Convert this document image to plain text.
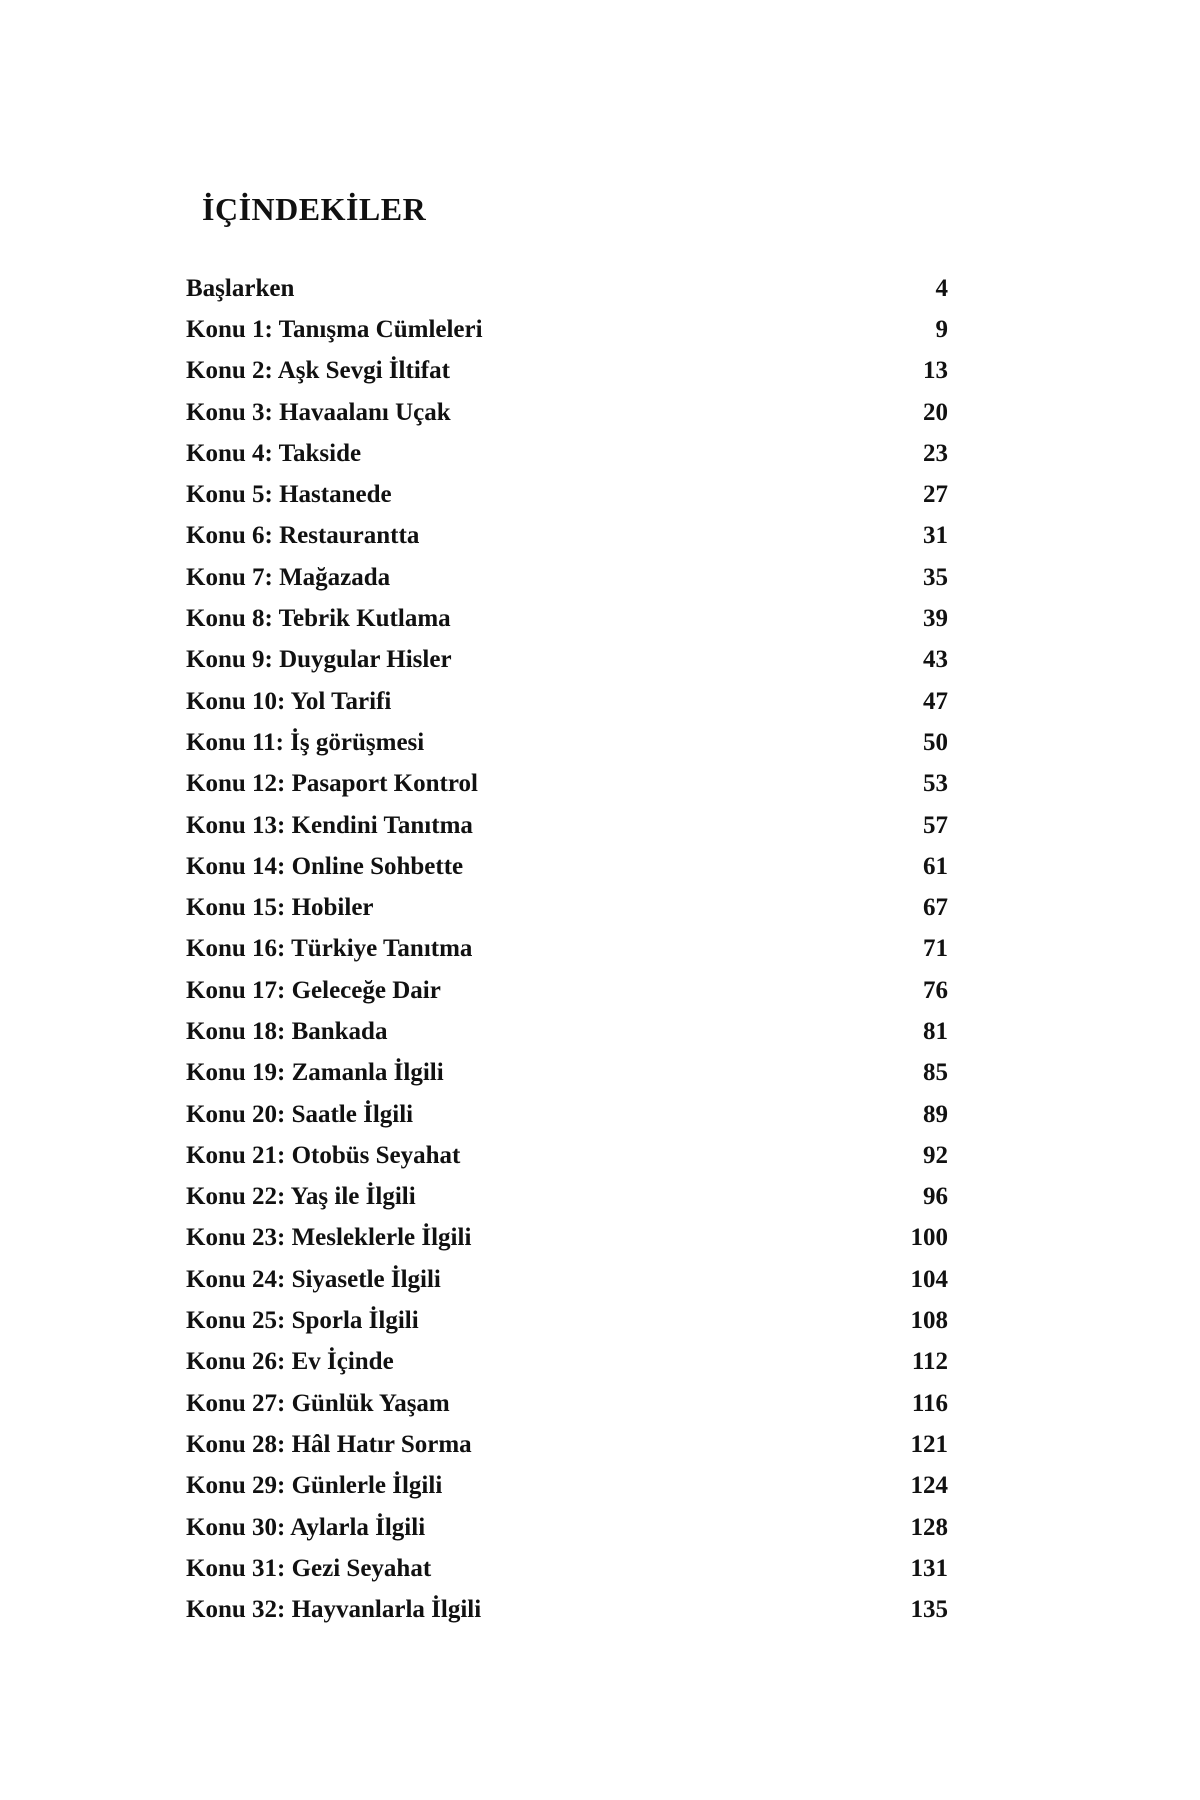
İÇİNDEKİLER
Başlarken	4
Konu 1: Tanışma Cümleleri	9
Konu 2: Aşk Sevgi İltifat	13
Konu 3: Havaalanı Uçak	20
Konu 4: Takside	23
Konu 5: Hastanede	27
Konu 6: Restaurantta	31
Konu 7: Mağazada	35
Konu 8: Tebrik Kutlama	39
Konu 9: Duygular Hisler	43
Konu 10: Yol Tarifi	47
Konu 11: İş görüşmesi	50
Konu 12: Pasaport Kontrol	53
Konu 13: Kendini Tanıtma	57
Konu 14: Online Sohbette	61
Konu 15: Hobiler	67
Konu 16: Türkiye Tanıtma	71
Konu 17: Geleceğe Dair	76
Konu 18: Bankada	81
Konu 19: Zamanla İlgili	85
Konu 20: Saatle İlgili	89
Konu 21: Otobüs Seyahat	92
Konu 22: Yaş ile İlgili	96
Konu 23: Mesleklerle İlgili	100
Konu 24: Siyasetle İlgili	104
Konu 25: Sporla İlgili	108
Konu 26: Ev İçinde	112
Konu 27: Günlük Yaşam	116
Konu 28: Hâl Hatır Sorma	121
Konu 29: Günlerle İlgili	124
Konu 30: Aylarla İlgili	128
Konu 31: Gezi Seyahat	131
Konu 32: Hayvanlarla İlgili	135
